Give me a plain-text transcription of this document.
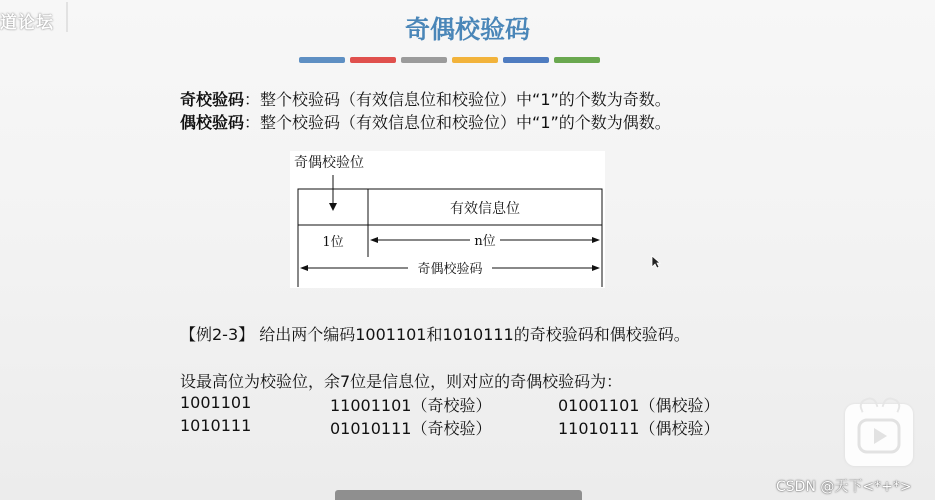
道论坛	奇偶校验码
奇校验码：整个校验码（有效信息位和校验位）中“1”的个数为奇数。
偶校验码：整个校验码（有效信息位和校验位）中“1”的个数为偶数。
奇偶校验位
有效信息位
1位	n位
奇偶校验码
【例2-3】 给出两个编码1001101和1010111的奇校验码和偶校验码。
设最高位为校验位，余7位是信息位，则对应的奇偶校验码为：
1001101	11001101（奇校验）	01001101（偶校验）
1010111	01010111（奇校验）	11010111（偶校验）
CSDN @天下<*+*>
